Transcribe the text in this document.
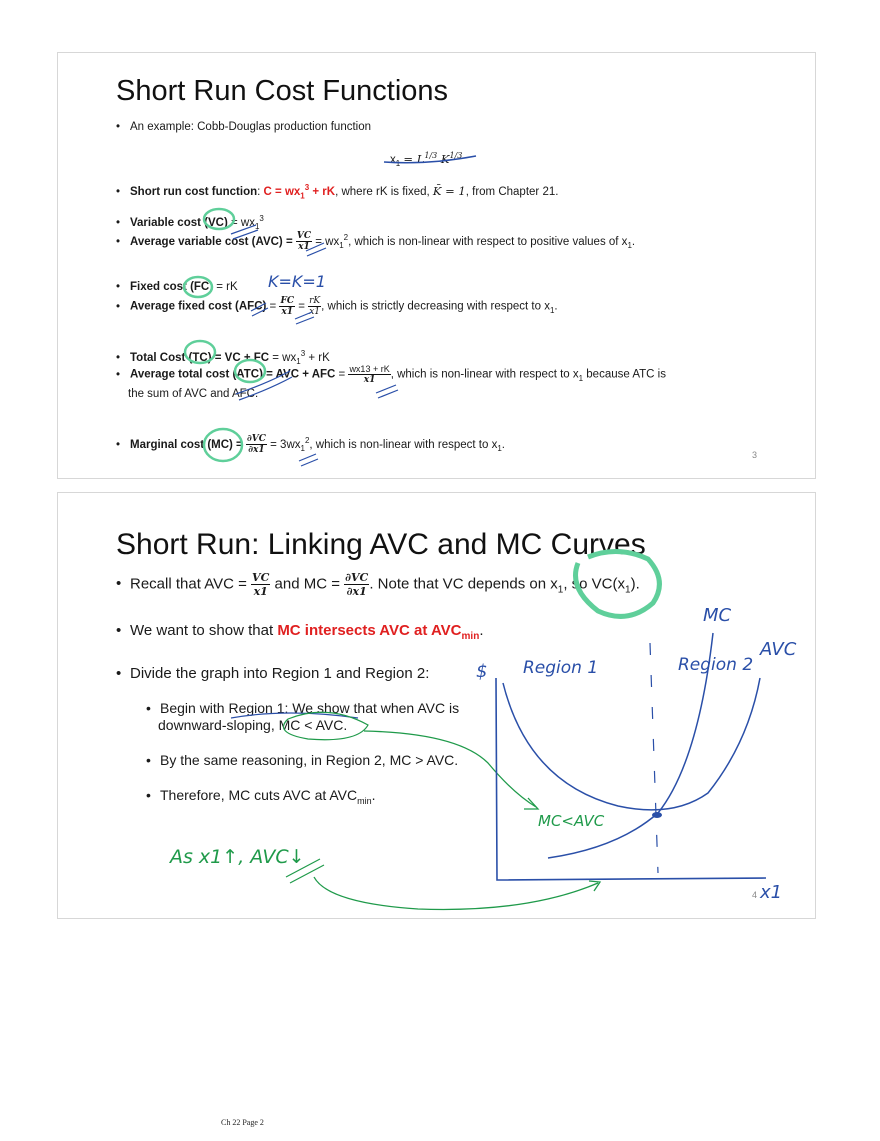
Short Run Cost Functions
• An example: Cobb-Douglas production function
$x_1 = L^{1/3}$ $K^{1/3}$
• Short run cost function: $C = wx_1^3$ + rK, where rK is fixed, K̄ = 1, from Chapter 21.
• Variable cost $(VC) = wx_1^3$
• Average variable cost $(AVC) = \frac{VC}{x1} = wx_1^2$, which is non-linear with respect to positive values of $x_1$.
• Fixed cost (FC) = rK
• Average fixed cost $(AFC) = \frac{FC}{x1} = \frac{rK}{x1}$ , which is strictly decreasing with respect to $x_1$.
• Total Cost (TC) = VC + FC = $wx_1^3$ + rK
• Average total cost (ATC) = AVC + AFC = $\frac{wx13 + rK}{x1}$ , which is non-linear with respect to $x_1$ because ATC is
the sum of AVC and AFC.
• Marginal cost $(MC) = \frac{\partial VC}{\partial x1} = 3wx_1^2$, which is non-linear with respect to $x_1$.
3
K=K=1
Short Run: Linking AVC and MC Curves
• Recall that AVC = $\frac{VC}{x1}$ and MC = $\frac{\partial VC}{\partial x1}$ . Note that VC depends on $x_1$, so $VC(x_1)$.
• We want to show that MC intersects AVC at $AVC_{min}$.
• Divide the graph into Region 1 and Region 2:
• Begin with Region 1: We show that when AVC is
downward-sloping, MC < AVC.
• By the same reasoning, in Region 2, MC > AVC.
• Therefore, MC cuts AVC at $AVC_{min}$.
4
$ Region 1	Region 2
MC
AVC
MC<AVC
x1
As x1↑, AVC↓
Ch 22 Page 2
